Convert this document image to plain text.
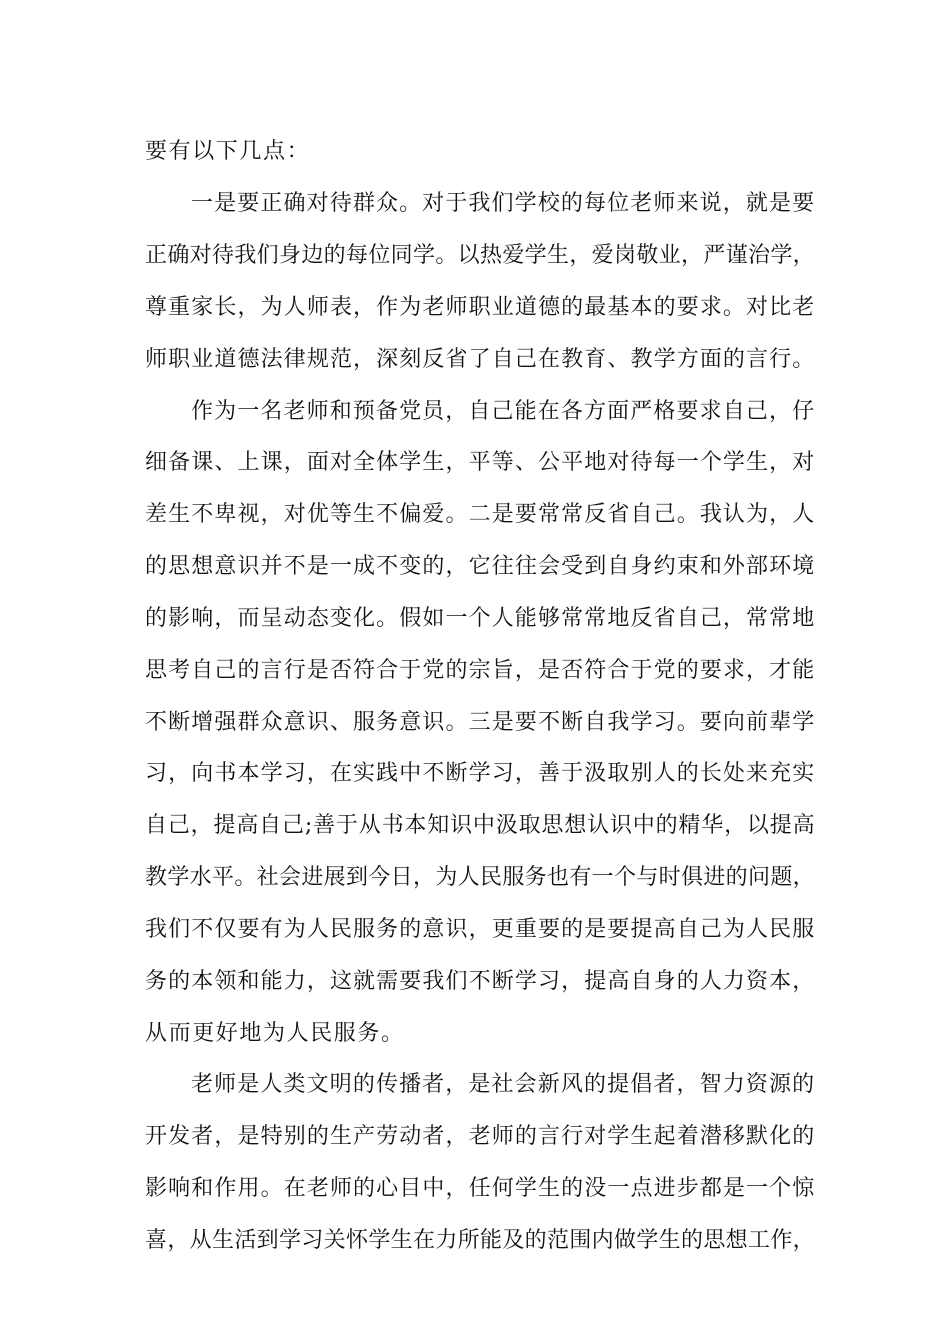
要有以下几点：
一是要正确对待群众。对于我们学校的每位老师来说，就是要
正确对待我们身边的每位同学。以热爱学生，爱岗敬业，严谨治学，
尊重家长，为人师表，作为老师职业道德的最基本的要求。对比老
师职业道德法律规范，深刻反省了自己在教育、教学方面的言行。
作为一名老师和预备党员，自己能在各方面严格要求自己，仔
细备课、上课，面对全体学生，平等、公平地对待每一个学生，对
差生不卑视，对优等生不偏爱。二是要常常反省自己。我认为，人
的思想意识并不是一成不变的，它往往会受到自身约束和外部环境
的影响，而呈动态变化。假如一个人能够常常地反省自己，常常地
思考自己的言行是否符合于党的宗旨，是否符合于党的要求，才能
不断增强群众意识、服务意识。三是要不断自我学习。要向前辈学
习，向书本学习，在实践中不断学习，善于汲取别人的长处来充实
自己，提高自己;善于从书本知识中汲取思想认识中的精华，以提高
教学水平。社会进展到今日，为人民服务也有一个与时俱进的问题，
我们不仅要有为人民服务的意识，更重要的是要提高自己为人民服
务的本领和能力，这就需要我们不断学习，提高自身的人力资本，
从而更好地为人民服务。
老师是人类文明的传播者，是社会新风的提倡者，智力资源的
开发者，是特别的生产劳动者，老师的言行对学生起着潜移默化的
影响和作用。在老师的心目中，任何学生的没一点进步都是一个惊
喜，从生活到学习关怀学生在力所能及的范围内做学生的思想工作，
